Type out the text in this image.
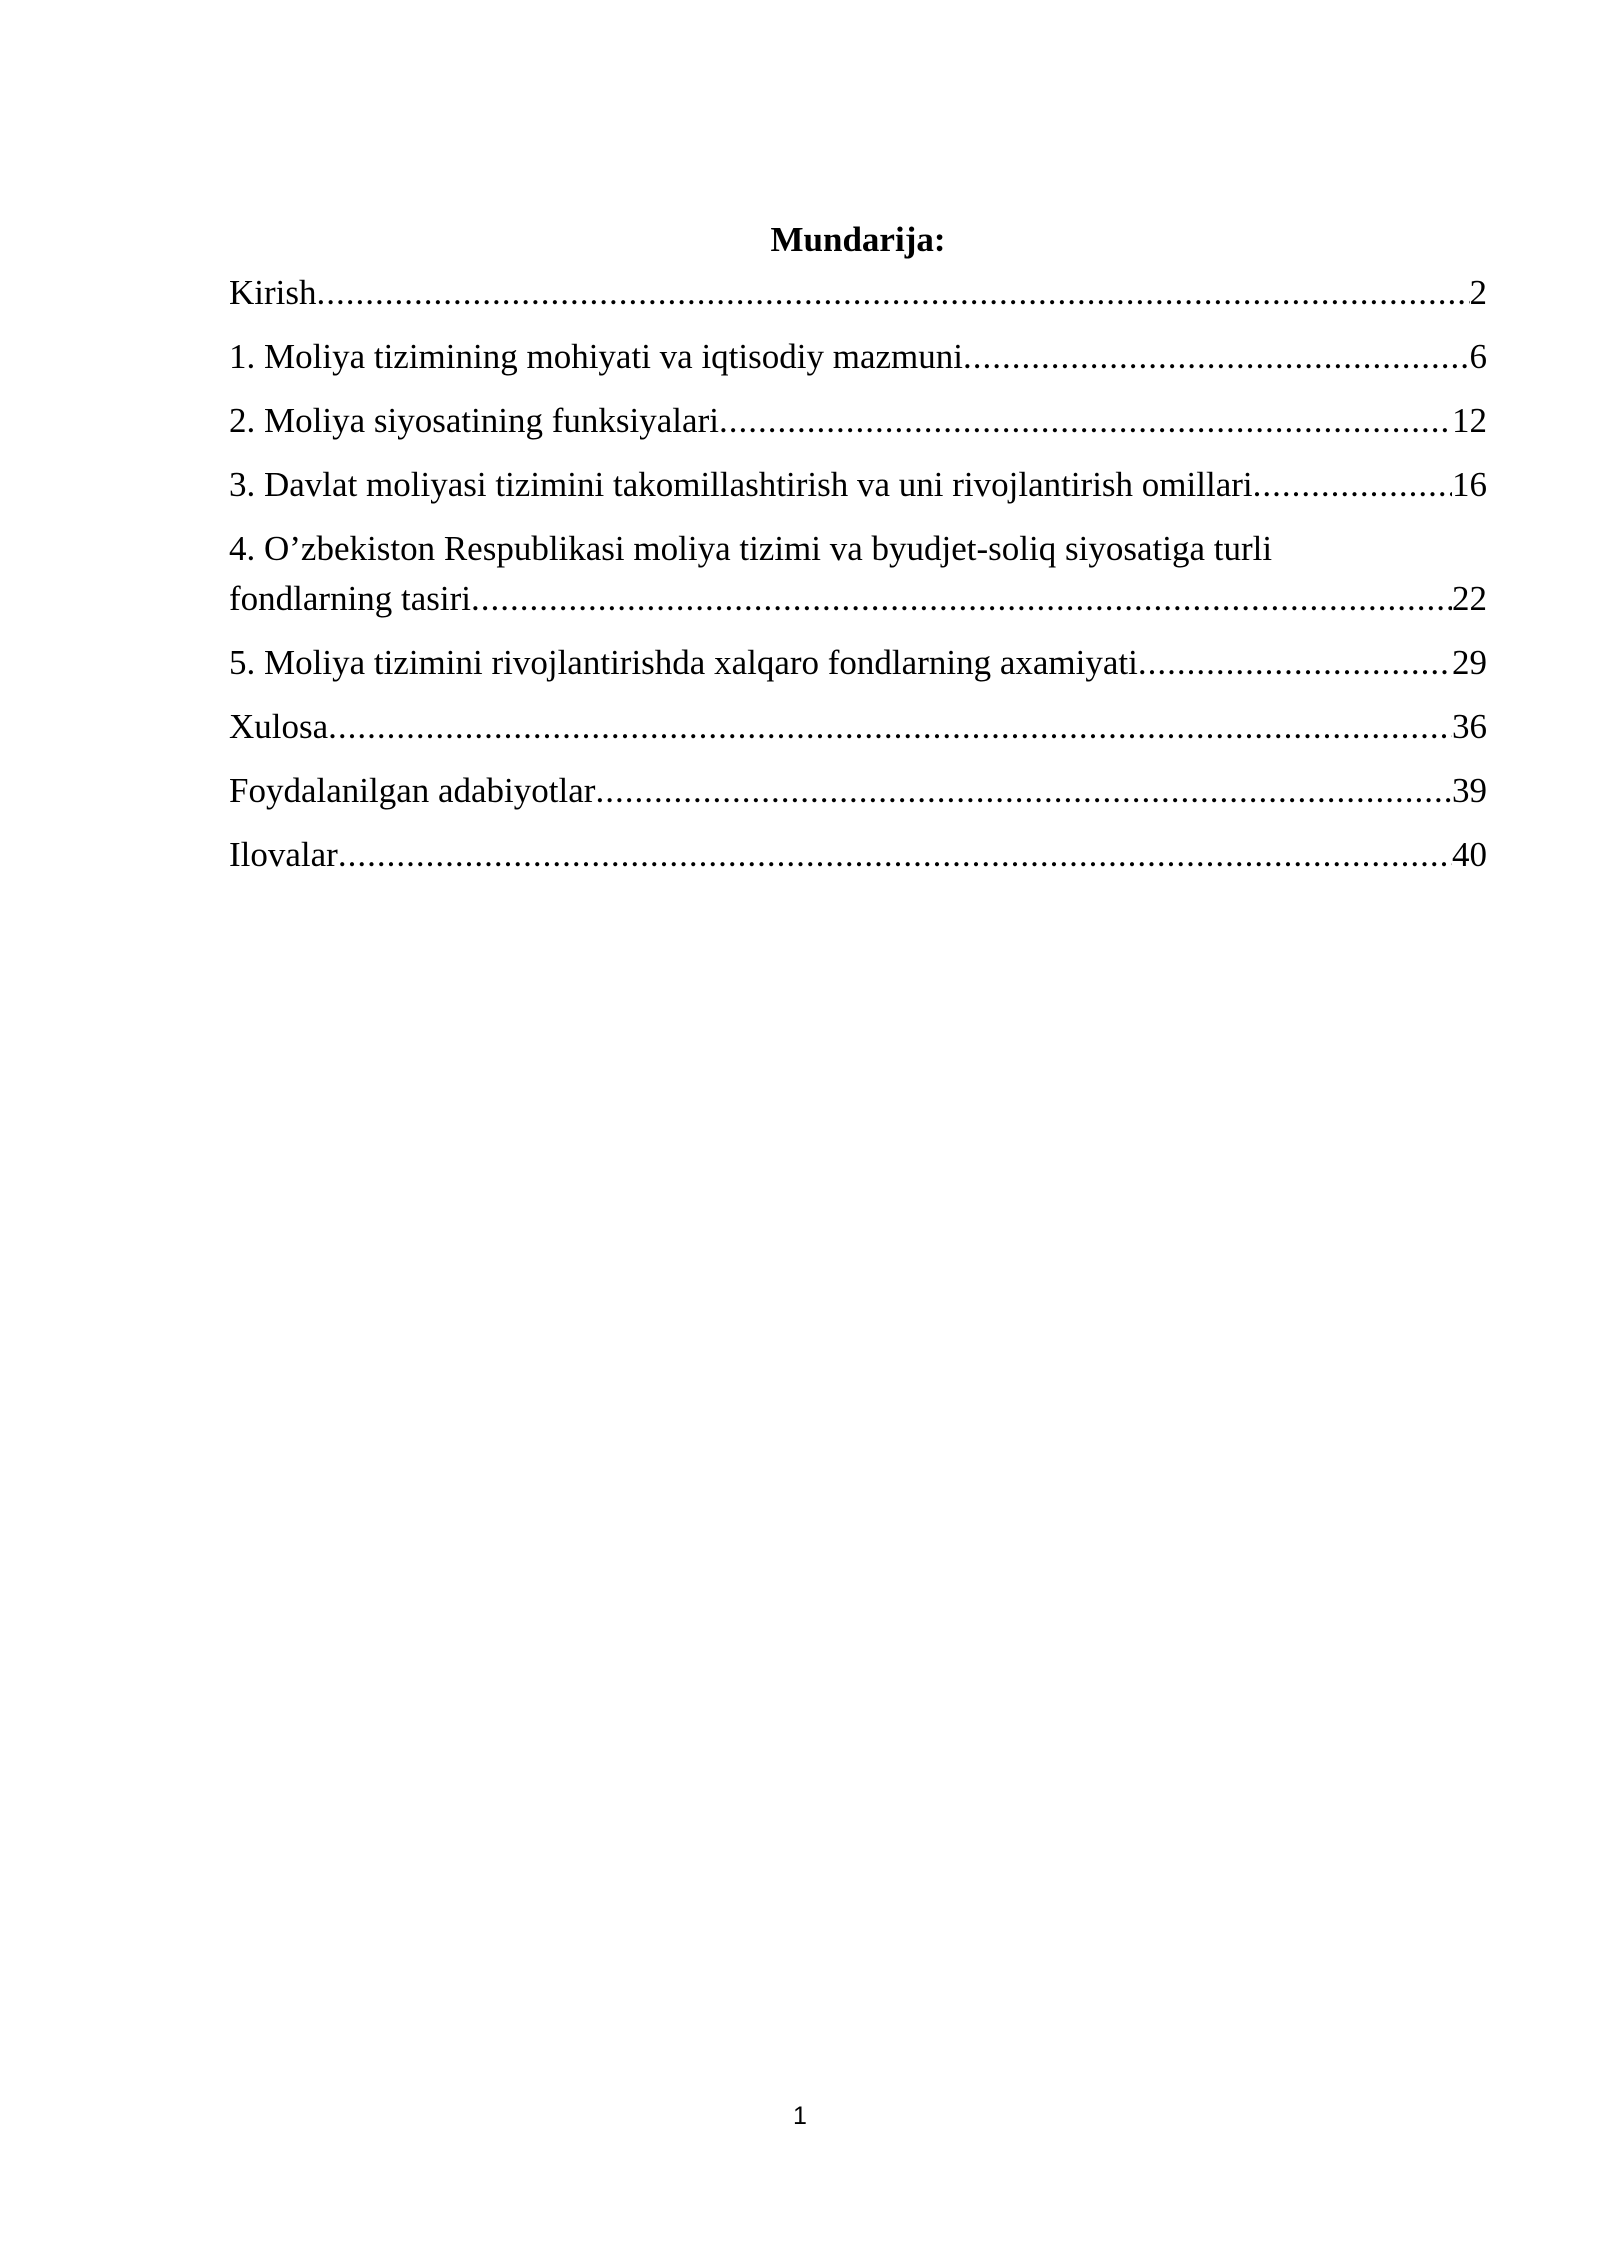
Mundarija:
Kirish .....	2
1. Moliya tizimining mohiyati va iqtisodiy mazmuni .....	6
2. Moliya siyosatining funksiyalari .....	12
3. Davlat moliyasi tizimini takomillashtirish va uni rivojlantirish omillari .....	16
4. O’zbekiston Respublikasi moliya tizimi va byudjet-soliq siyosatiga turli
fondlarning tasiri .....	22
5. Moliya tizimini rivojlantirishda xalqaro fondlarning axamiyati .....	29
Xulosa .....	36
Foydalanilgan adabiyotlar .....	39
Ilovalar .....	40
1
